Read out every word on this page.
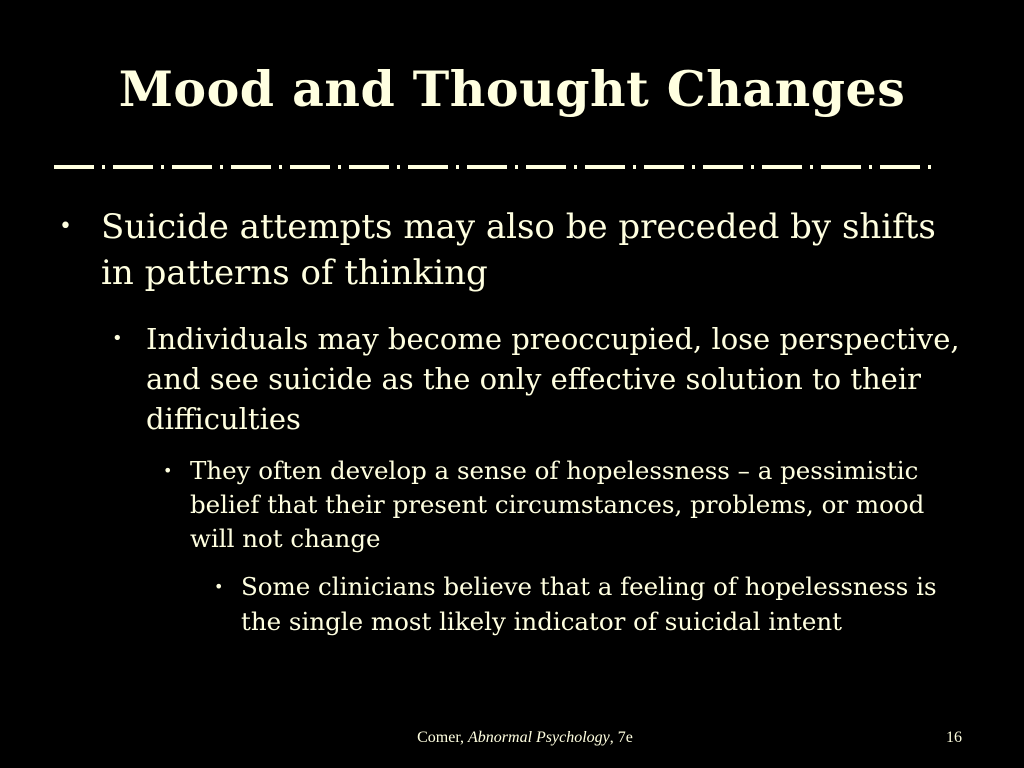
Mood and Thought Changes
• Suicide attempts may also be preceded by shifts in patterns of thinking
• Individuals may become preoccupied, lose perspective, and see suicide as the only effective solution to their difficulties
• They often develop a sense of hopelessness – a pessimistic belief that their present circumstances, problems, or mood will not change
• Some clinicians believe that a feeling of hopelessness is the single most likely indicator of suicidal intent
Comer, Abnormal Psychology, 7e	16
